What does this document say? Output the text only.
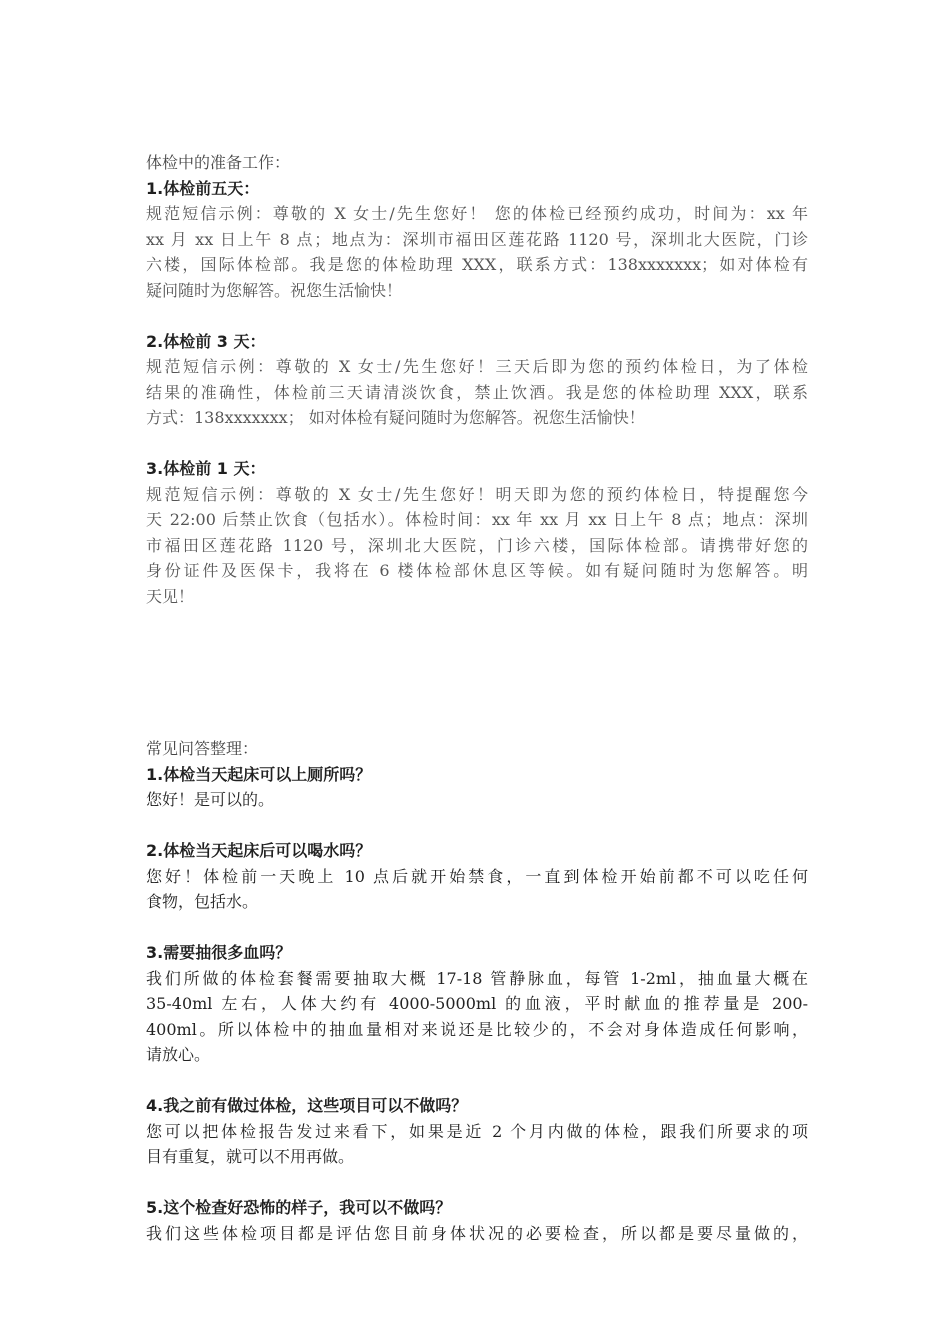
体检中的准备工作：
1.体检前五天：
规范短信示例：尊敬的 X 女士/先生您好！ 您的体检已经预约成功，时间为：xx 年
xx 月 xx 日上午 8 点；地点为：深圳市福田区莲花路 1120 号，深圳北大医院，门诊
六楼，国际体检部。我是您的体检助理 XXX，联系方式：138xxxxxxx；如对体检有
疑问随时为您解答。祝您生活愉快！
2.体检前 3 天：
规范短信示例：尊敬的 X 女士/先生您好！三天后即为您的预约体检日，为了体检
结果的准确性，体检前三天请清淡饮食，禁止饮酒。我是您的体检助理 XXX，联系
方式：138xxxxxxx； 如对体检有疑问随时为您解答。祝您生活愉快！
3.体检前 1 天：
规范短信示例：尊敬的 X 女士/先生您好！明天即为您的预约体检日，特提醒您今
天 22:00 后禁止饮食（包括水）。体检时间：xx 年 xx 月 xx 日上午 8 点；地点：深圳
市福田区莲花路 1120 号，深圳北大医院，门诊六楼，国际体检部。请携带好您的
身份证件及医保卡，我将在 6 楼体检部休息区等候。如有疑问随时为您解答。明
天见！
常见问答整理：
1.体检当天起床可以上厕所吗？
您好！是可以的。
2.体检当天起床后可以喝水吗？
您好！体检前一天晚上 10 点后就开始禁食，一直到体检开始前都不可以吃任何
食物，包括水。
3.需要抽很多血吗？
我们所做的体检套餐需要抽取大概 17-18 管静脉血，每管 1-2ml，抽血量大概在
35-40ml 左右，人体大约有 4000-5000ml 的血液，平时献血的推荐量是 200-
400ml。所以体检中的抽血量相对来说还是比较少的，不会对身体造成任何影响，
请放心。
4.我之前有做过体检，这些项目可以不做吗？
您可以把体检报告发过来看下，如果是近 2 个月内做的体检，跟我们所要求的项
目有重复，就可以不用再做。
5.这个检查好恐怖的样子，我可以不做吗？
我们这些体检项目都是评估您目前身体状况的必要检查，所以都是要尽量做的，
